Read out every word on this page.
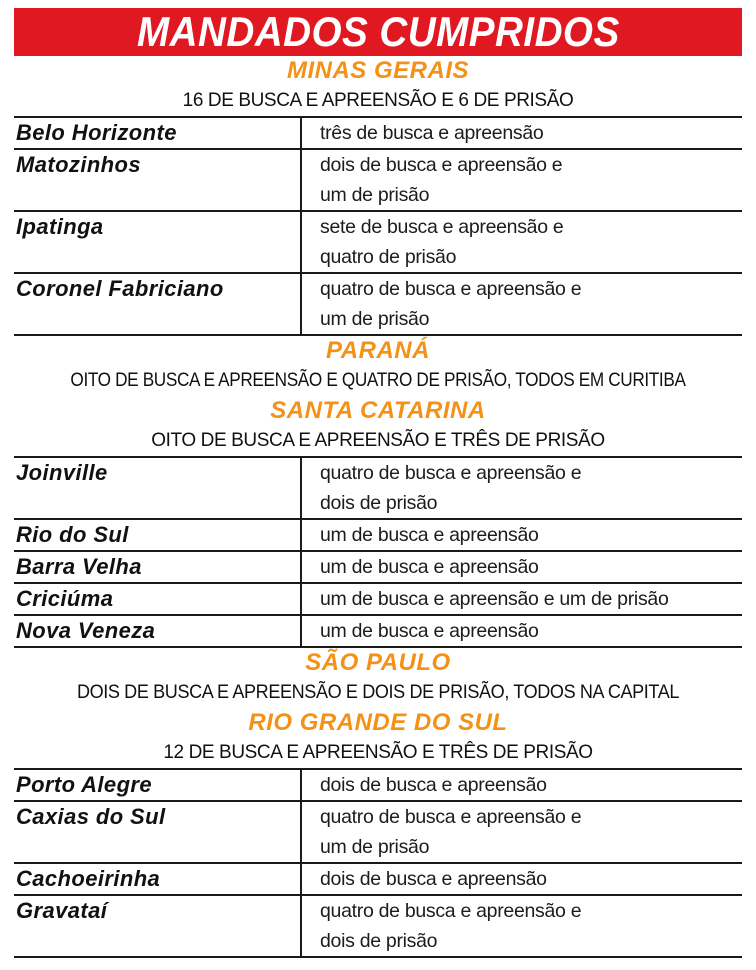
MANDADOS CUMPRIDOS
MINAS GERAIS
16 DE BUSCA E APREENSÃO E 6 DE PRISÃO
Belo Horizonte	três de busca e apreensão
Matozinhos	dois de busca e apreensão e
um de prisão
Ipatinga	sete de busca e apreensão e
quatro de prisão
Coronel Fabriciano	quatro de busca e apreensão e
um de prisão
PARANÁ
OITO DE BUSCA E APREENSÃO E QUATRO DE PRISÃO, TODOS EM CURITIBA
SANTA CATARINA
OITO DE BUSCA E APREENSÃO E TRÊS DE PRISÃO
Joinville	quatro de busca e apreensão e
dois de prisão
Rio do Sul	um de busca e apreensão
Barra Velha	um de busca e apreensão
Criciúma	um de busca e apreensão e um de prisão
Nova Veneza	um de busca e apreensão
SÃO PAULO
DOIS DE BUSCA E APREENSÃO E DOIS DE PRISÃO, TODOS NA CAPITAL
RIO GRANDE DO SUL
12 DE BUSCA E APREENSÃO E TRÊS DE PRISÃO
Porto Alegre	dois de busca e apreensão
Caxias do Sul	quatro de busca e apreensão e
um de prisão
Cachoeirinha	dois de busca e apreensão
Gravataí	quatro de busca e apreensão e
dois de prisão
